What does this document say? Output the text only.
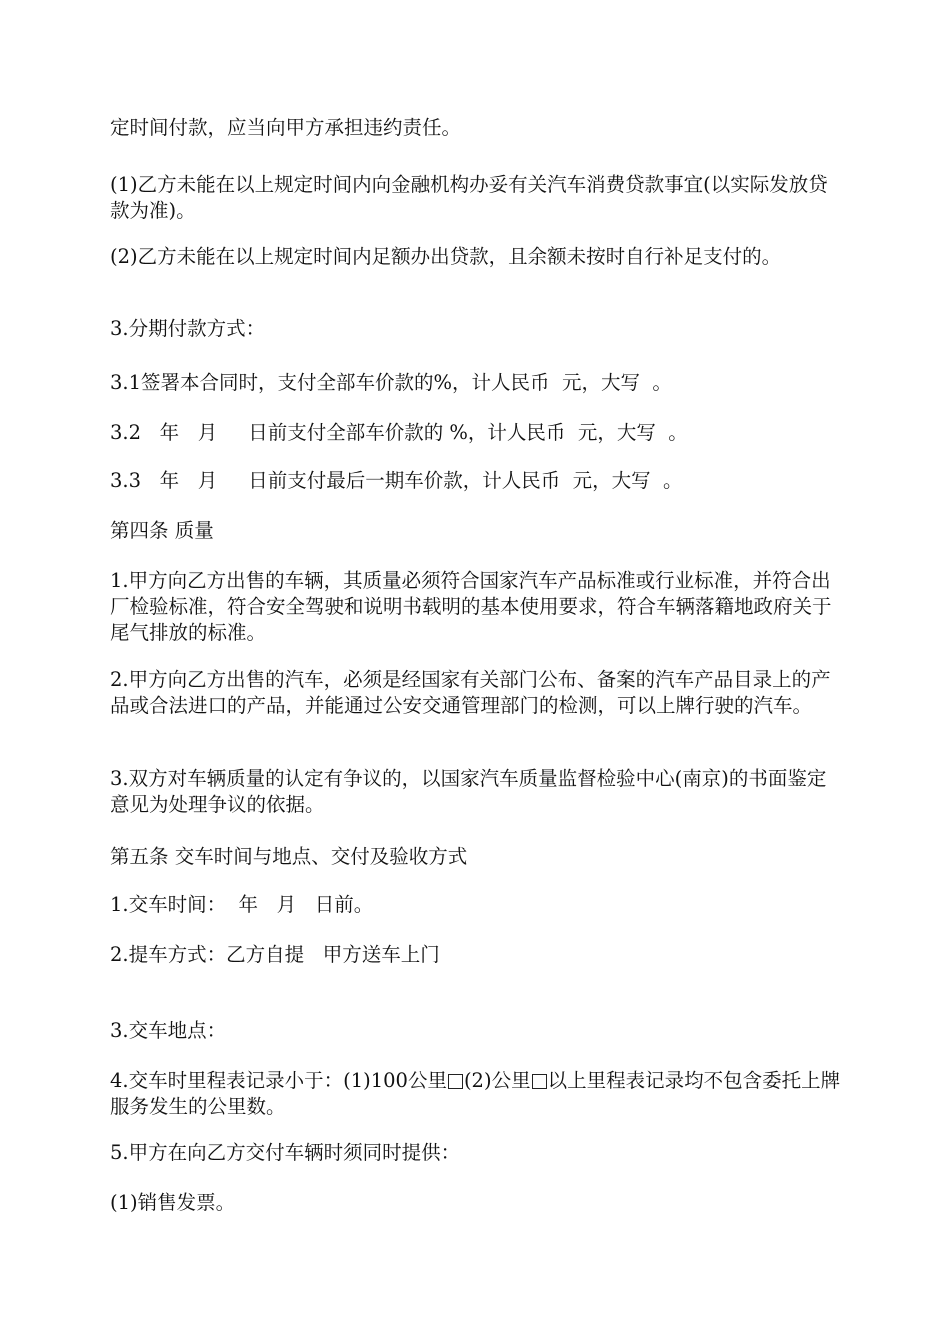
定时间付款，应当向甲方承担违约责任。

(1)乙方未能在以上规定时间内向金融机构办妥有关汽车消费贷款事宜(以实际发放贷款为准)。

(2)乙方未能在以上规定时间内足额办出贷款，且余额未按时自行补足支付的。

3.分期付款方式：

3.1签署本合同时，支付全部车价款的%，计人民币  元，大写  。

3.2   年   月     日前支付全部车价款的 %，计人民币  元，大写  。

3.3   年   月     日前支付最后一期车价款，计人民币  元，大写  。

第四条 质量

1.甲方向乙方出售的车辆，其质量必须符合国家汽车产品标准或行业标准，并符合出厂检验标准，符合安全驾驶和说明书载明的基本使用要求，符合车辆落籍地政府关于尾气排放的标准。

2.甲方向乙方出售的汽车，必须是经国家有关部门公布、备案的汽车产品目录上的产品或合法进口的产品，并能通过公安交通管理部门的检测，可以上牌行驶的汽车。

3.双方对车辆质量的认定有争议的，以国家汽车质量监督检验中心(南京)的书面鉴定意见为处理争议的依据。

第五条 交车时间与地点、交付及验收方式

1.交车时间：  年   月   日前。

2.提车方式：乙方自提   甲方送车上门

3.交车地点：

4.交车时里程表记录小于：(1)100公里 (2)公里 以上里程表记录均不包含委托上牌服务发生的公里数。

5.甲方在向乙方交付车辆时须同时提供：

(1)销售发票。
